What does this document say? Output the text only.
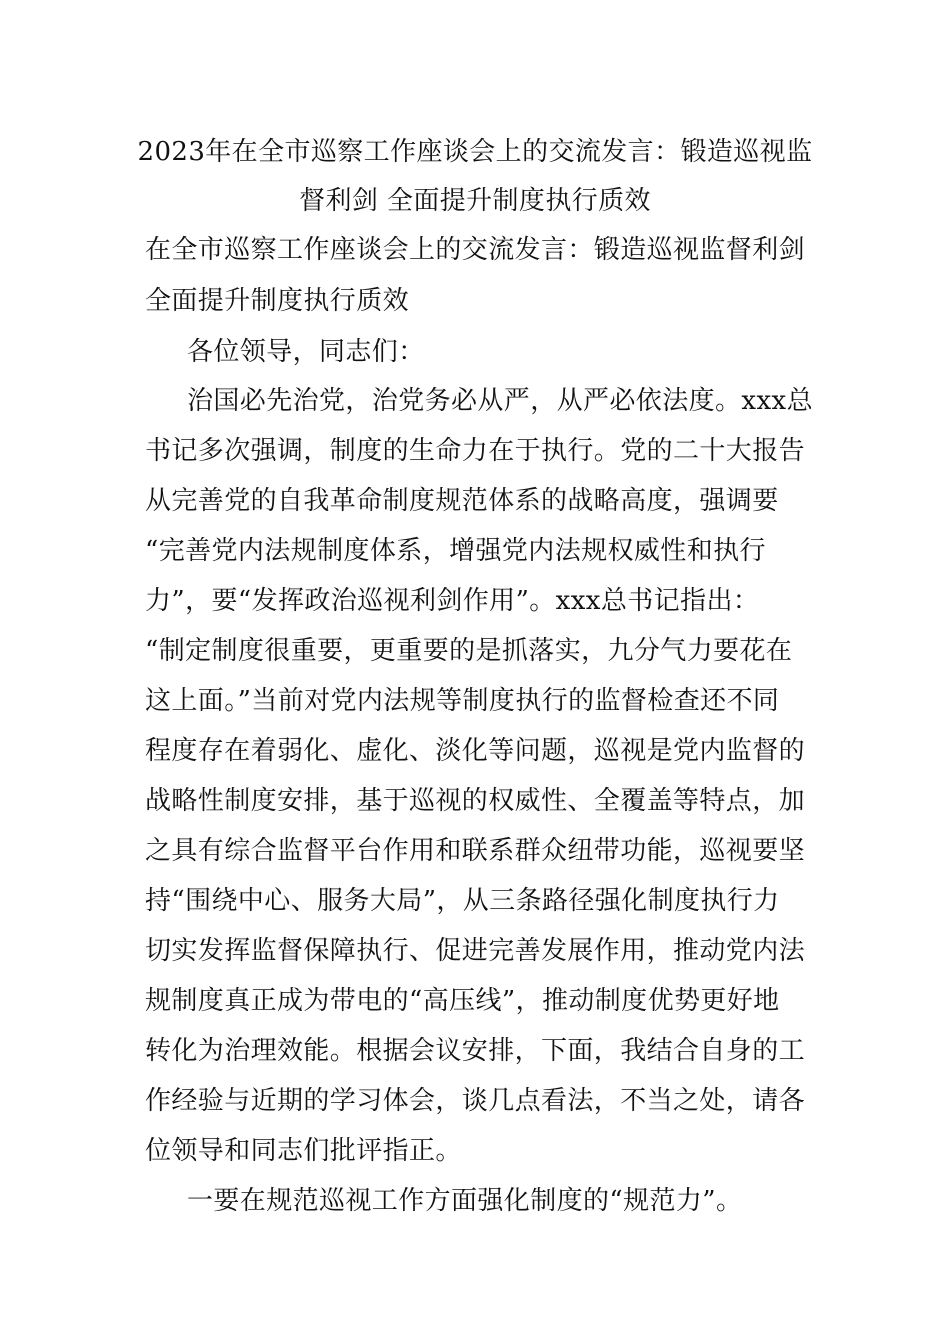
2023年在全市巡察工作座谈会上的交流发言：锻造巡视监
督利剑 全面提升制度执行质效
在全市巡察工作座谈会上的交流发言：锻造巡视监督利剑
全面提升制度执行质效
各位领导，同志们：
治国必先治党，治党务必从严，从严必依法度。xxx总
书记多次强调，制度的生命力在于执行。党的二十大报告
从完善党的自我革命制度规范体系的战略高度，强调要
“完善党内法规制度体系，增强党内法规权威性和执行
力”，要“发挥政治巡视利剑作用”。xxx总书记指出：
“制定制度很重要，更重要的是抓落实，九分气力要花在
这上面。”当前对党内法规等制度执行的监督检查还不同
程度存在着弱化、虚化、淡化等问题，巡视是党内监督的
战略性制度安排，基于巡视的权威性、全覆盖等特点，加
之具有综合监督平台作用和联系群众纽带功能，巡视要坚
持“围绕中心、服务大局”，从三条路径强化制度执行力
切实发挥监督保障执行、促进完善发展作用，推动党内法
规制度真正成为带电的“高压线”，推动制度优势更好地
转化为治理效能。根据会议安排，下面，我结合自身的工
作经验与近期的学习体会，谈几点看法，不当之处，请各
位领导和同志们批评指正。
一要在规范巡视工作方面强化制度的“规范力”。
